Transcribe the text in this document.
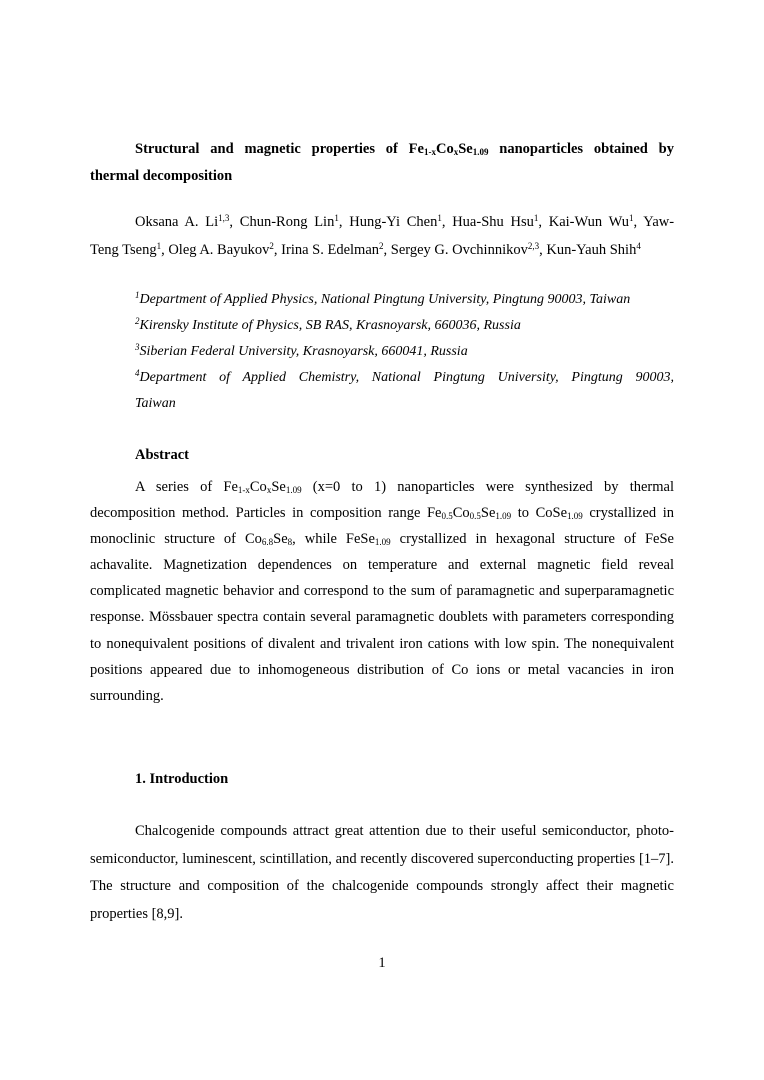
Structural and magnetic properties of $Fe_{1-x}Co_xSe_{1.09}$ nanoparticles obtained by

thermal decomposition

Oksana A. Li$^{1,3}$, Chun-Rong Lin$^1$, Hung-Yi Chen$^1$, Hua-Shu Hsu$^1$, Kai-Wun Wu$^1$, Yaw-

Teng Tseng$^1$, Oleg A. Bayukov$^2$, Irina S. Edelman$^2$, Sergey G. Ovchinnikov$^{2,3}$, Kun-Yauh Shih$^4$

$^1$Department of Applied Physics, National Pingtung University, Pingtung 90003, Taiwan

$^2$Kirensky Institute of Physics, SB RAS, Krasnoyarsk, 660036, Russia

$^3$Siberian Federal University, Krasnoyarsk, 660041, Russia

$^4$Department of Applied Chemistry, National Pingtung University, Pingtung 90003,

Taiwan

Abstract

A series of $Fe_{1-x}Co_xSe_{1.09}$ (x=0 to 1) nanoparticles were synthesized by thermal decomposition method. Particles in composition range $Fe_{0.5}Co_{0.5}Se_{1.09}$ to CoSe$_{1.09}$ crystallized in monoclinic structure of $Co_{6.8}Se_8$, while FeSe$_{1.09}$ crystallized in hexagonal structure of FeSe achavalite. Magnetization dependences on temperature and external magnetic field reveal complicated magnetic behavior and correspond to the sum of paramagnetic and superparamagnetic response. Mössbauer spectra contain several paramagnetic doublets with parameters corresponding to nonequivalent positions of divalent and trivalent iron cations with low spin. The nonequivalent positions appeared due to inhomogeneous distribution of Co ions or metal vacancies in iron surrounding.

1. Introduction

Chalcogenide compounds attract great attention due to their useful semiconductor, photo-semiconductor, luminescent, scintillation, and recently discovered superconducting properties [1–7]. The structure and composition of the chalcogenide compounds strongly affect their magnetic properties [8,9].

1
